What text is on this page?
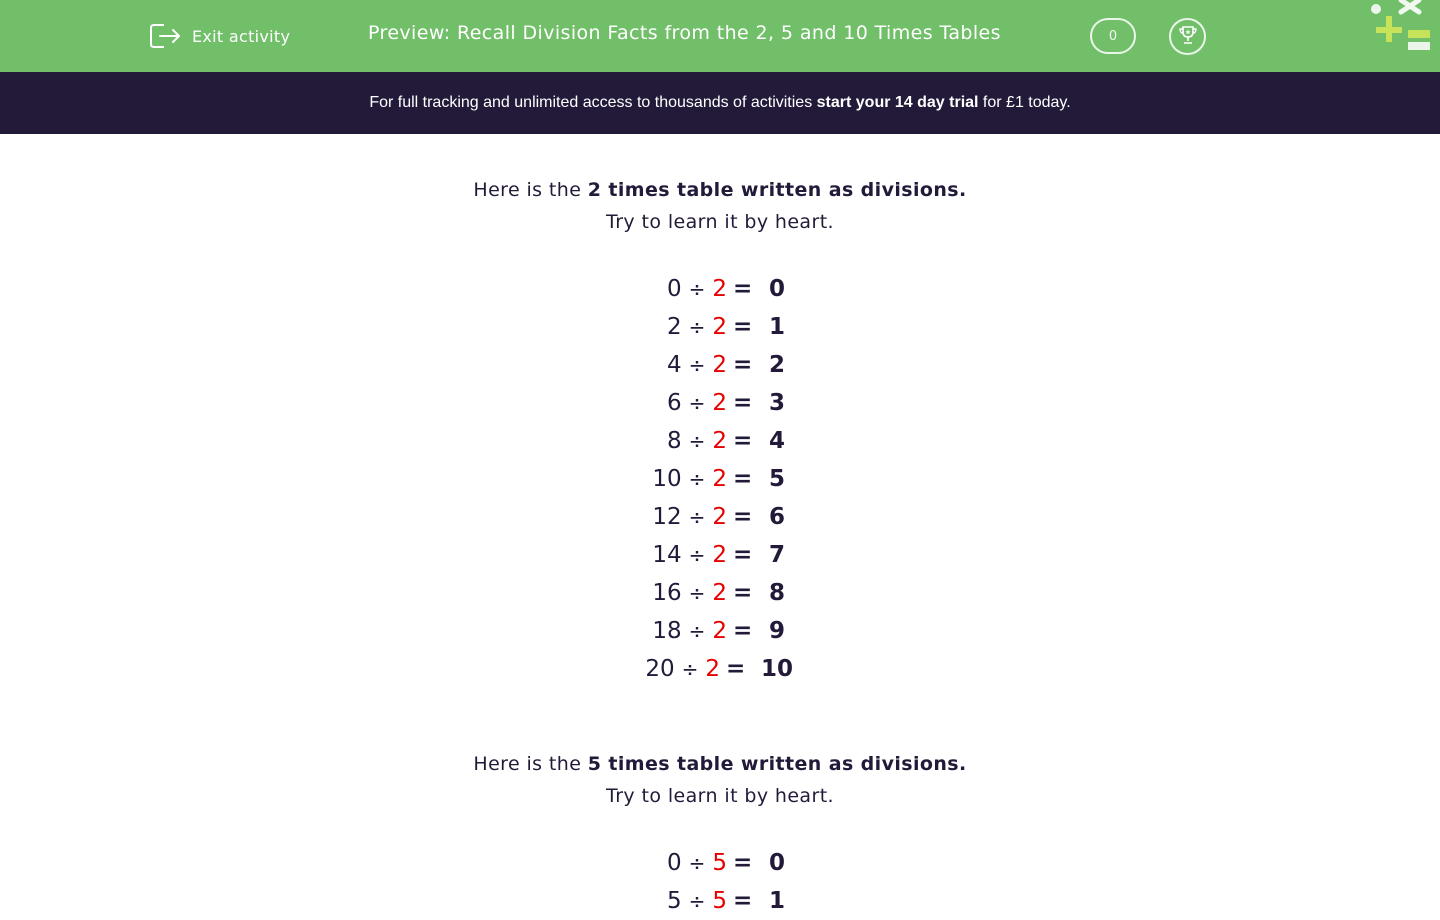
Exit activity	Preview: Recall Division Facts from the 2, 5 and 10 Times Tables	0
For full tracking and unlimited access to thousands of activities start your 14 day trial for £1 today.
Here is the 2 times table written as divisions.
Try to learn it by heart.
0 ÷ 2 = 0
2 ÷ 2 = 1
4 ÷ 2 = 2
6 ÷ 2 = 3
8 ÷ 2 = 4
10 ÷ 2 = 5
12 ÷ 2 = 6
14 ÷ 2 = 7
16 ÷ 2 = 8
18 ÷ 2 = 9
20 ÷ 2 = 10
Here is the 5 times table written as divisions.
Try to learn it by heart.
0 ÷ 5 = 0
5 ÷ 5 = 1
